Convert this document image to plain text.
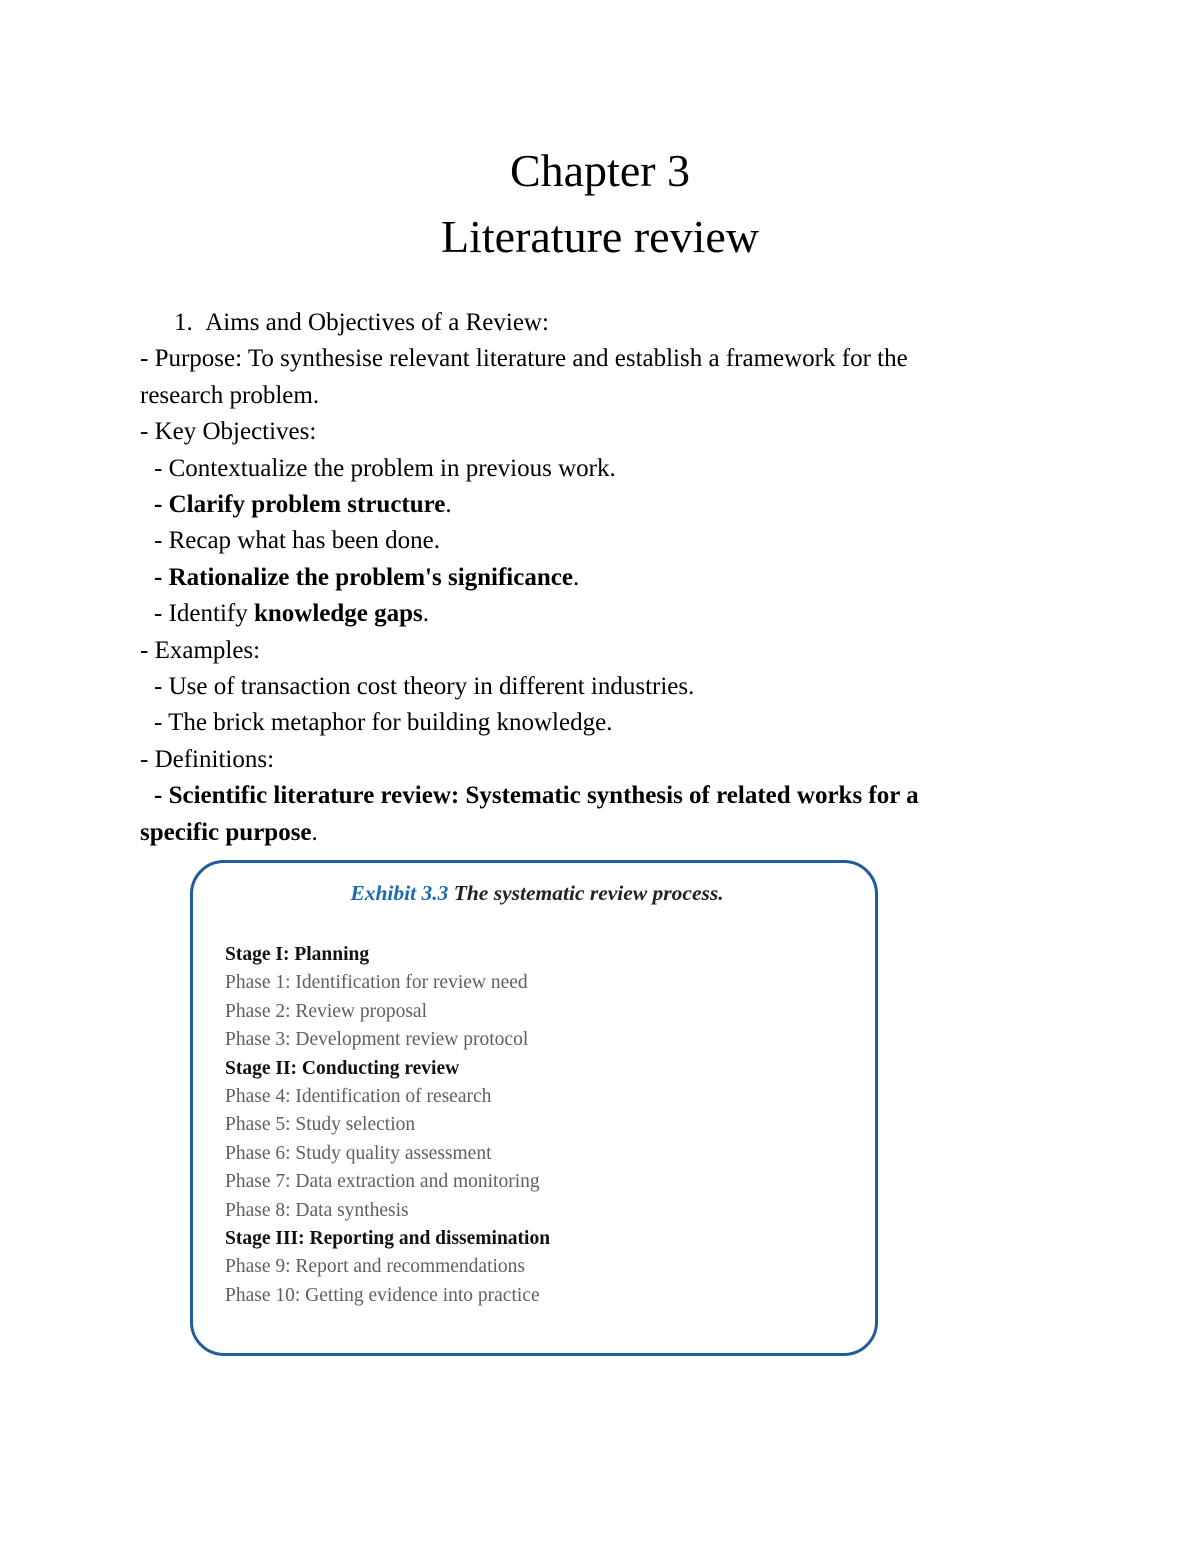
Chapter 3
Literature review
1. Aims and Objectives of a Review:
- Purpose: To synthesise relevant literature and establish a framework for the
research problem.
- Key Objectives:
- Contextualize the problem in previous work.
- Clarify problem structure.
- Recap what has been done.
- Rationalize the problem's significance.
- Identify knowledge gaps.
- Examples:
- Use of transaction cost theory in different industries.
- The brick metaphor for building knowledge.
- Definitions:
- Scientific literature review: Systematic synthesis of related works for a
specific purpose.
Exhibit 3.3 The systematic review process.
Stage I: Planning
Phase 1: Identification for review need
Phase 2: Review proposal
Phase 3: Development review protocol
Stage II: Conducting review
Phase 4: Identification of research
Phase 5: Study selection
Phase 6: Study quality assessment
Phase 7: Data extraction and monitoring
Phase 8: Data synthesis
Stage III: Reporting and dissemination
Phase 9: Report and recommendations
Phase 10: Getting evidence into practice
